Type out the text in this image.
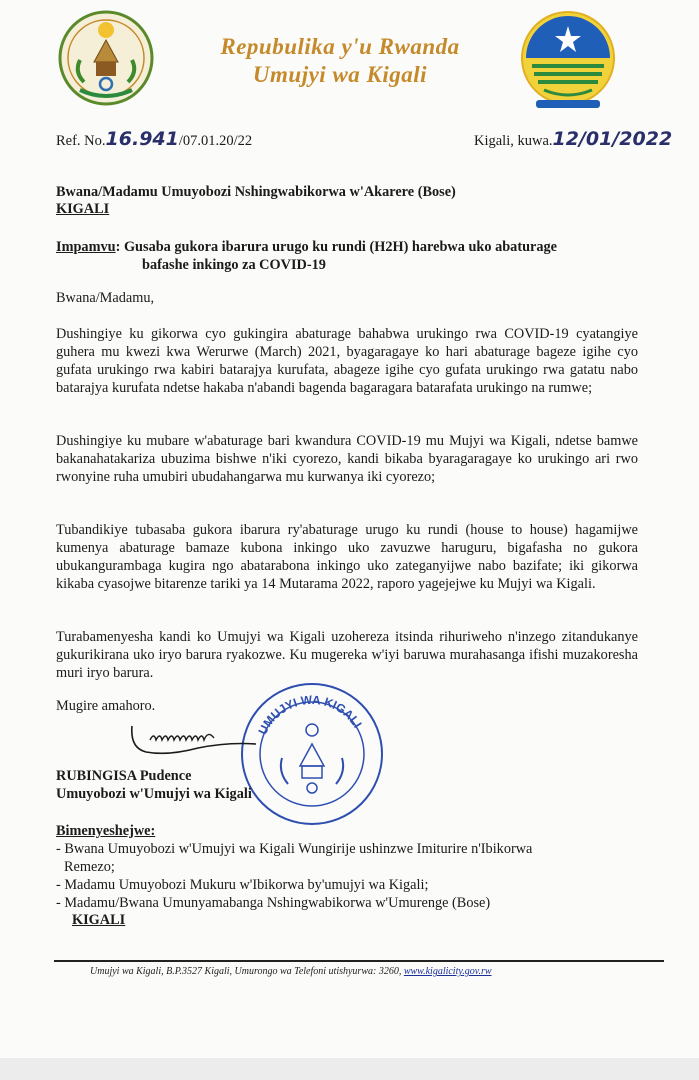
Repubulika y'u Rwanda
Umujyi wa Kigali
Ref. No.16.941/07.01.20/22	Kigali, kuwa.12/01/2022
Bwana/Madamu Umuyobozi Nshingwabikorwa w'Akarere (Bose)
KIGALI
Impamvu: Gusaba gukora ibarura urugo ku rundi (H2H) harebwa uko abaturage
bafashe inkingo za COVID-19
Bwana/Madamu,
Dushingiye ku gikorwa cyo gukingira abaturage bahabwa urukingo rwa COVID-19 cyatangiye guhera mu kwezi kwa Werurwe (March) 2021, byagaragaye ko hari abaturage bageze igihe cyo gufata urukingo rwa kabiri batarajya kurufata, abageze igihe cyo gufata urukingo rwa gatatu nabo batarajya kurufata ndetse hakaba n'abandi bagenda bagaragara batarafata urukingo na rumwe;
Dushingiye ku mubare w'abaturage bari kwandura COVID-19 mu Mujyi wa Kigali, ndetse bamwe bakanahatakariza ubuzima bishwe n'iki cyorezo, kandi bikaba byaragaragaye ko urukingo ari rwo rwonyine ruha umubiri ubudahangarwa mu kurwanya iki cyorezo;
Tubandikiye tubasaba gukora ibarura ry'abaturage urugo ku rundi (house to house) hagamijwe kumenya abaturage bamaze kubona inkingo uko zavuzwe haruguru, bigafasha no gukora ubukangurambaga kugira ngo abatarabona inkingo uko zateganyijwe nabo bazifate; iki gikorwa kikaba cyasojwe bitarenze tariki ya 14 Mutarama 2022, raporo yagejejwe ku Mujyi wa Kigali.
Turabamenyesha kandi ko Umujyi wa Kigali uzohereza itsinda rihuriweho n'inzego zitandukanye gukurikirana uko iryo barura ryakozwe. Ku mugereka w'iyi baruwa murahasanga ifishi muzakoresha muri iryo barura.
Mugire amahoro.
UMUJYI WA KIGALI
RUBINGISA Pudence
Umuyobozi w'Umujyi wa Kigali
Bimenyeshejwe:
- Bwana Umuyobozi w'Umujyi wa Kigali Wungirije ushinzwe Imiturire n'Ibikorwa
Remezo;
- Madamu Umuyobozi Mukuru w'Ibikorwa by'umujyi wa Kigali;
- Madamu/Bwana Umunyamabanga Nshingwabikorwa w'Umurenge (Bose)
KIGALI
Umujyi wa Kigali, B.P.3527 Kigali, Umurongo wa Telefoni utishyurwa: 3260, www.kigalicity.gov.rw
